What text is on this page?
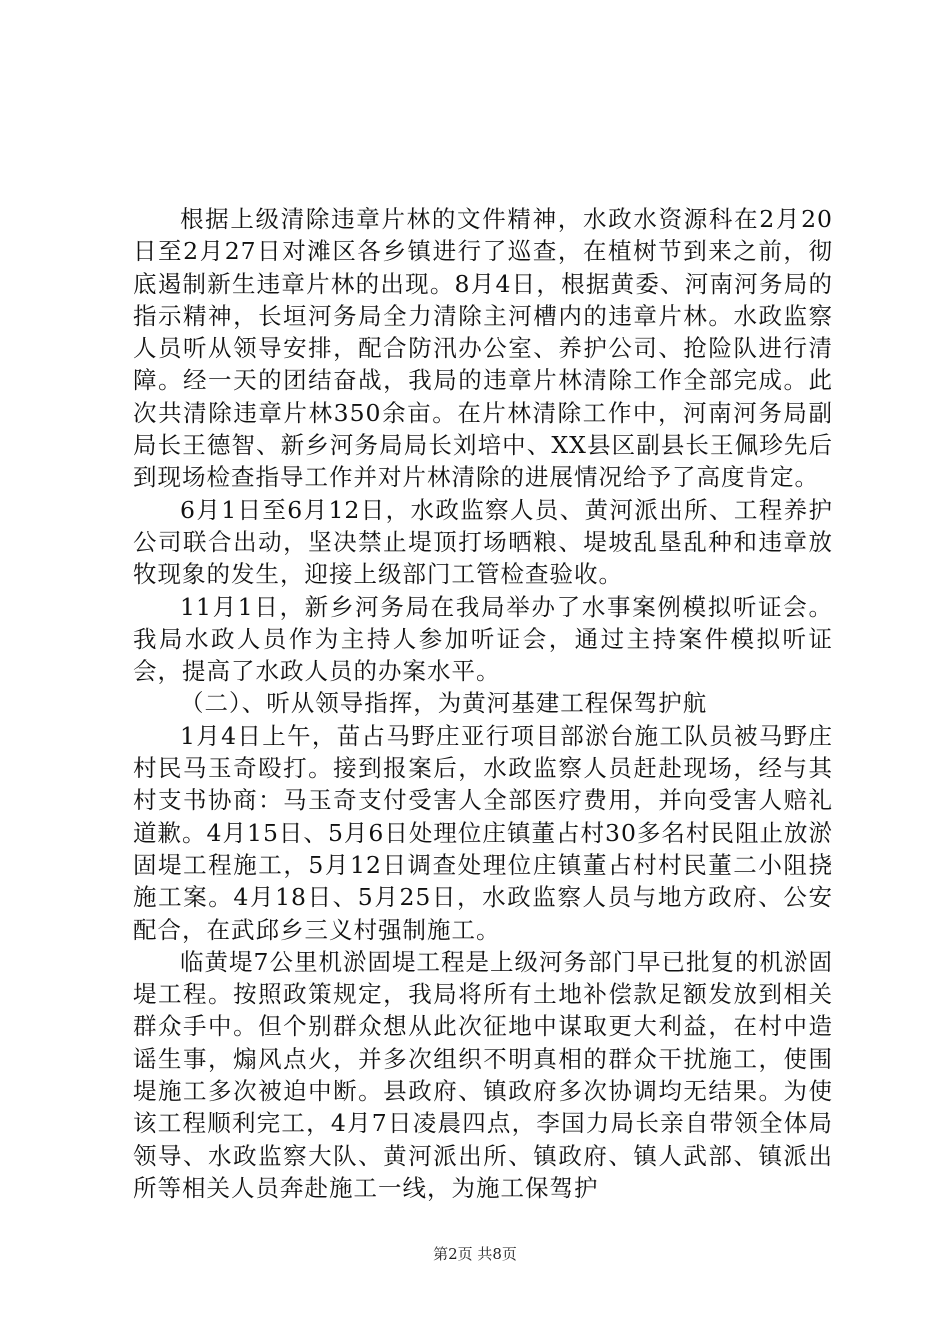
根据上级清除违章片林的文件精神，水政水资源科在2月20日至2月27日对滩区各乡镇进行了巡查，在植树节到来之前，彻底遏制新生违章片林的出现。8月4日，根据黄委、河南河务局的指示精神，长垣河务局全力清除主河槽内的违章片林。水政监察人员听从领导安排，配合防汛办公室、养护公司、抢险队进行清障。经一天的团结奋战，我局的违章片林清除工作全部完成。此次共清除违章片林350余亩。在片林清除工作中，河南河务局副局长王德智、新乡河务局局长刘培中、XX县区副县长王佩珍先后到现场检查指导工作并对片林清除的进展情况给予了高度肯定。

6月1日至6月12日，水政监察人员、黄河派出所、工程养护公司联合出动，坚决禁止堤顶打场晒粮、堤坡乱垦乱种和违章放牧现象的发生，迎接上级部门工管检查验收。

11月1日，新乡河务局在我局举办了水事案例模拟听证会。我局水政人员作为主持人参加听证会，通过主持案件模拟听证会，提高了水政人员的办案水平。

（二）、听从领导指挥，为黄河基建工程保驾护航

1月4日上午，苗占马野庄亚行项目部淤台施工队员被马野庄村民马玉奇殴打。接到报案后，水政监察人员赶赴现场，经与其村支书协商：马玉奇支付受害人全部医疗费用，并向受害人赔礼道歉。4月15日、5月6日处理位庄镇董占村30多名村民阻止放淤固堤工程施工，5月12日调查处理位庄镇董占村村民董二小阻挠施工案。4月18日、5月25日，水政监察人员与地方政府、公安配合，在武邱乡三义村强制施工。

临黄堤7公里机淤固堤工程是上级河务部门早已批复的机淤固堤工程。按照政策规定，我局将所有土地补偿款足额发放到相关群众手中。但个别群众想从此次征地中谋取更大利益，在村中造谣生事，煽风点火，并多次组织不明真相的群众干扰施工，使围堤施工多次被迫中断。县政府、镇政府多次协调均无结果。为使该工程顺利完工，4月7日凌晨四点，李国力局长亲自带领全体局领导、水政监察大队、黄河派出所、镇政府、镇人武部、镇派出所等相关人员奔赴施工一线，为施工保驾护

第2页 共8页
